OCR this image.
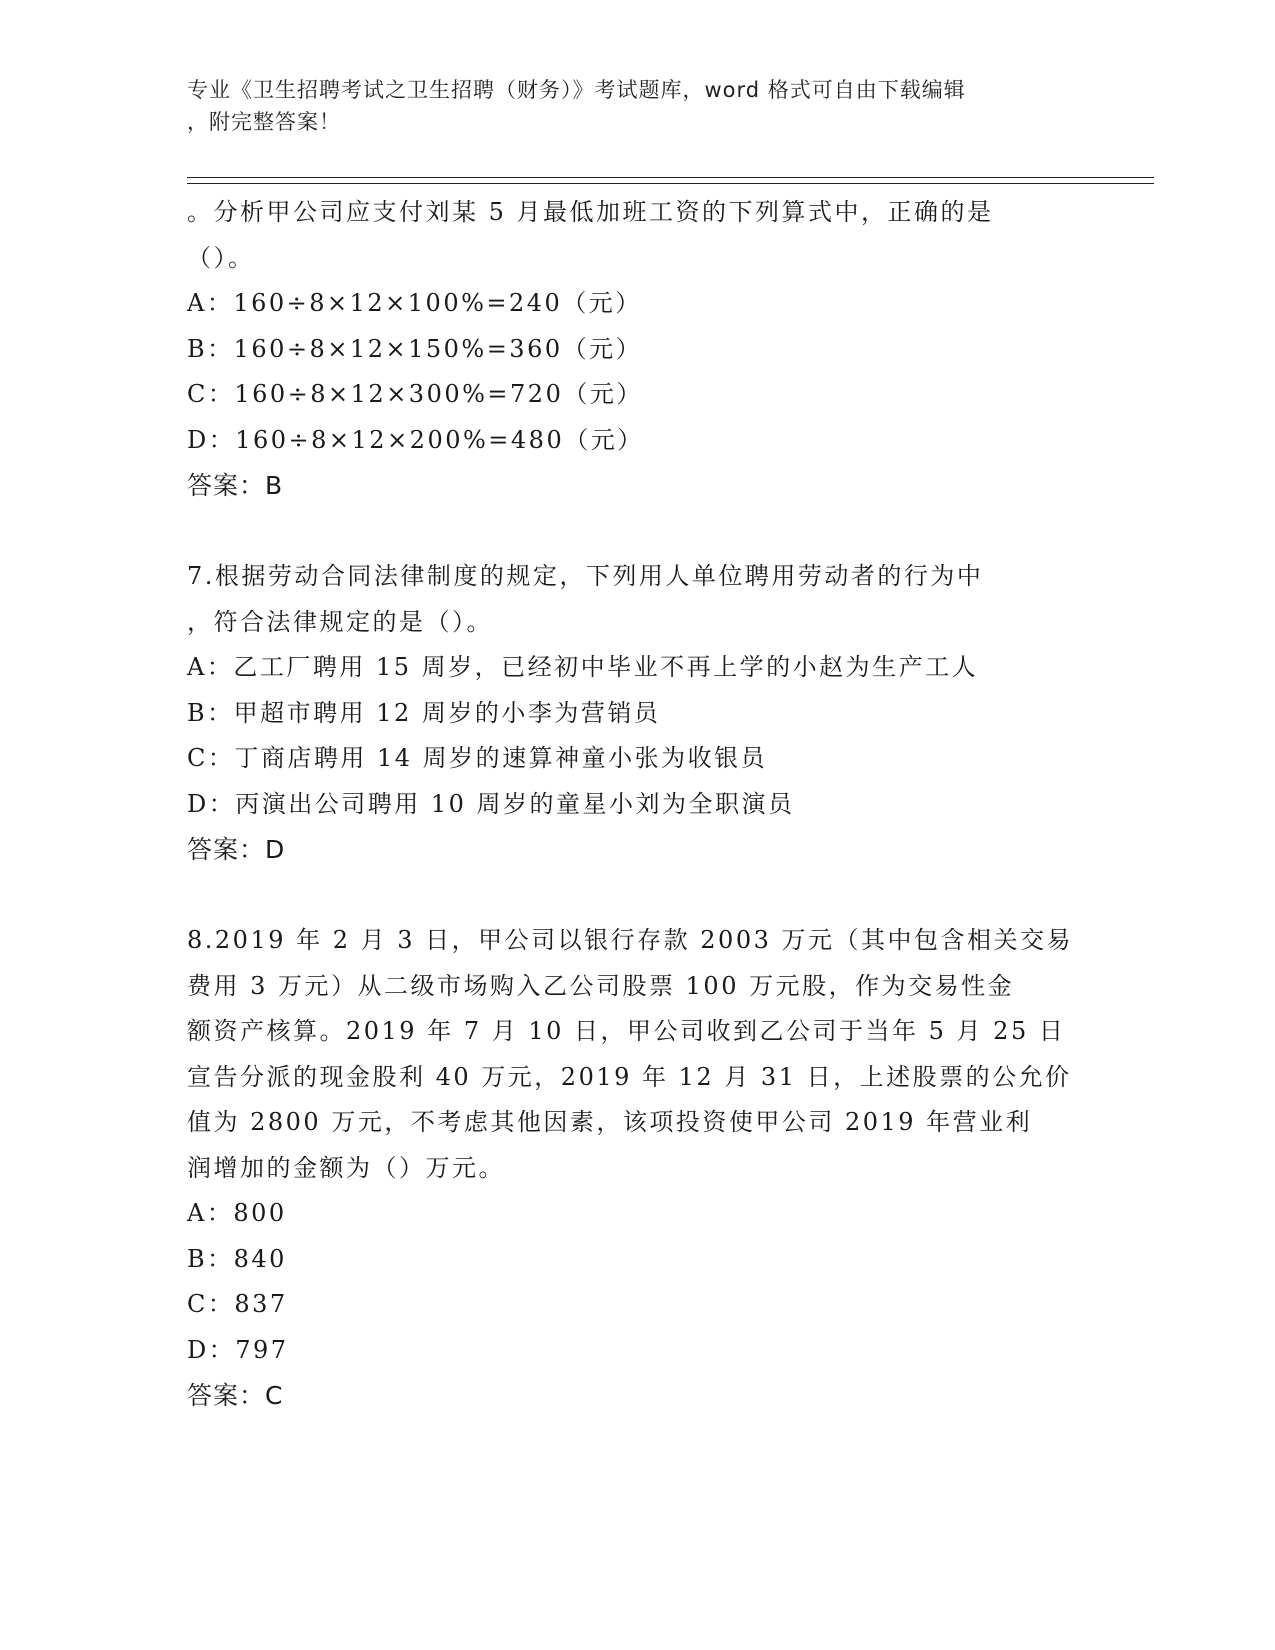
专业《卫生招聘考试之卫生招聘（财务）》考试题库，word 格式可自由下载编辑
，附完整答案！
。分析甲公司应支付刘某 5 月最低加班工资的下列算式中，正确的是
（）。
A：160÷8×12×100%=240（元）
B：160÷8×12×150%=360（元）
C：160÷8×12×300%=720（元）
D：160÷8×12×200%=480（元）
答案：B
7.根据劳动合同法律制度的规定，下列用人单位聘用劳动者的行为中
，符合法律规定的是（）。
A：乙工厂聘用 15 周岁，已经初中毕业不再上学的小赵为生产工人
B：甲超市聘用 12 周岁的小李为营销员
C：丁商店聘用 14 周岁的速算神童小张为收银员
D：丙演出公司聘用 10 周岁的童星小刘为全职演员
答案：D
8.2019 年 2 月 3 日，甲公司以银行存款 2003 万元（其中包含相关交易
费用 3 万元）从二级市场购入乙公司股票 100 万元股，作为交易性金
额资产核算。2019 年 7 月 10 日，甲公司收到乙公司于当年 5 月 25 日
宣告分派的现金股利 40 万元，2019 年 12 月 31 日，上述股票的公允价
值为 2800 万元，不考虑其他因素，该项投资使甲公司 2019 年营业利
润增加的金额为（）万元。
A：800
B：840
C：837
D：797
答案：C
